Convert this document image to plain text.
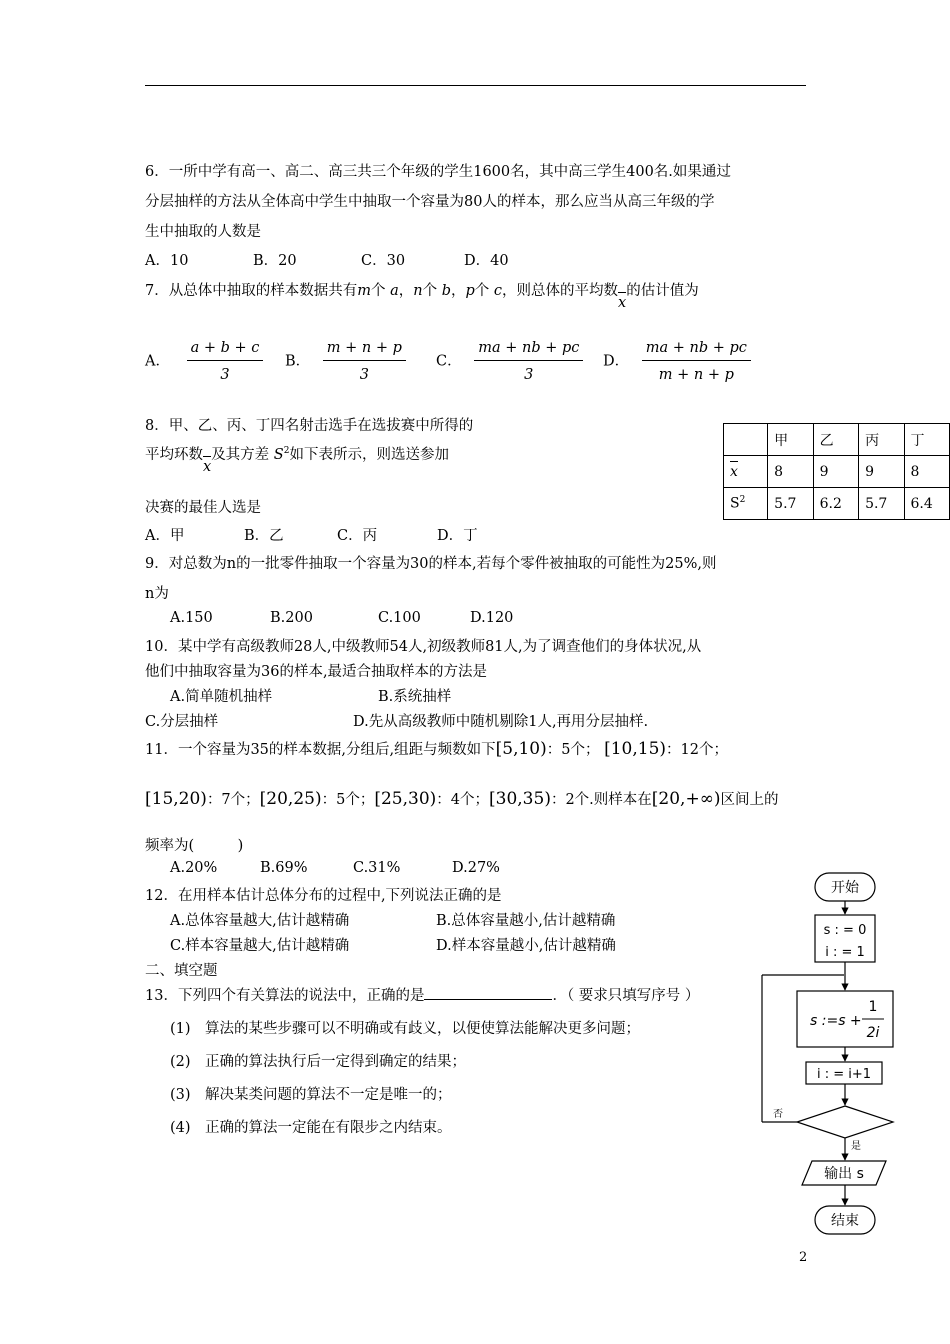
6．一所中学有高一、高二、高三共三个年级的学生1600名，其中高三学生400名.如果通过
分层抽样的方法从全体高中学生中抽取一个容量为80人的样本，那么应当从高三年级的学
生中抽取的人数是
A．10	B．20	C．30	D．40
7．从总体中抽取的样本数据共有m个 a，n个 b，p个 c，则总体的平均数x的估计值为
A． $\frac{a + b + c}{3}$ B． $\frac{m + n + p}{3}$ C． $\frac{ma + nb + pc}{3}$ D． $\frac{ma + nb + pc}{m + n + p}$
8．甲、乙、丙、丁四名射击选手在选拔赛中所得的
平均环数x及其方差 $S^2$如下表所示，则选送参加
决赛的最佳人选是
A．甲	B．乙	C．丙	D．丁
	甲	乙	丙	丁
x	8	9	9	8
$S^2$	5.7	6.2	5.7	6.4
9．对总数为n的一批零件抽取一个容量为30的样本,若每个零件被抽取的可能性为25%,则
n为
A.150	B.200	C.100	D.120
10．某中学有高级教师28人,中级教师54人,初级教师81人,为了调查他们的身体状况,从
他们中抽取容量为36的样本,最适合抽取样本的方法是
A.简单随机抽样	B.系统抽样
C.分层抽样	D.先从高级教师中随机剔除1人,再用分层抽样.
11．一个容量为35的样本数据,分组后,组距与频数如下[5,10)：5个； [10,15)：12个；
[15,20)：7个；[20,25)：5个；[25,30)：4个；[30,35)：2个.则样本在[20,+∞)区间上的
频率为(　　　)
A.20%	B.69%	C.31%	D.27%
12．在用样本估计总体分布的过程中,下列说法正确的是
A.总体容量越大,估计越精确	B.总体容量越小,估计越精确
C.样本容量越大,估计越精确	D.样本容量越小,估计越精确
二、填空题
13．下列四个有关算法的说法中，正确的是	．（ 要求只填写序号 ）
(1)　算法的某些步骤可以不明确或有歧义，以便使算法能解决更多问题；
(2)　正确的算法执行后一定得到确定的结果；
(3)　解决某类问题的算法不一定是唯一的；
(4)　正确的算法一定能在有限步之内结束。
开始
s : = 0
i : = 1
s :=s +
1
2i
i : = i+1
否
是
输出 s
结束
2
